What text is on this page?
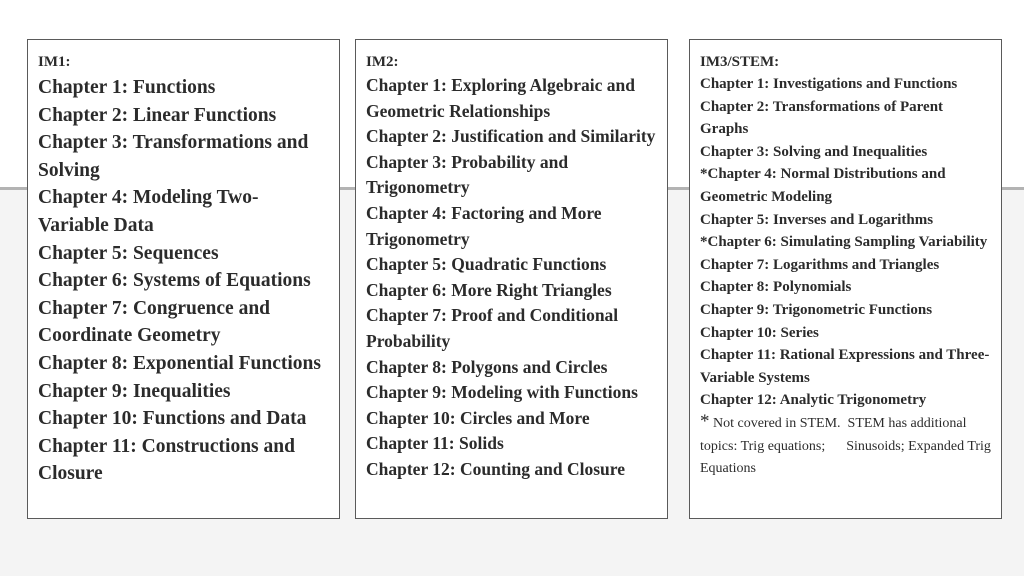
IM1:
Chapter 1: Functions
Chapter 2: Linear Functions
Chapter 3: Transformations and Solving
Chapter 4: Modeling Two-Variable Data
Chapter 5: Sequences
Chapter 6: Systems of Equations
Chapter 7: Congruence and Coordinate Geometry
Chapter 8: Exponential Functions
Chapter 9: Inequalities
Chapter 10: Functions and Data
Chapter 11: Constructions and Closure
IM2:
Chapter 1: Exploring Algebraic and Geometric Relationships
Chapter 2: Justification and Similarity
Chapter 3: Probability and Trigonometry
Chapter 4: Factoring and More Trigonometry
Chapter 5: Quadratic Functions
Chapter 6: More Right Triangles
Chapter 7: Proof and Conditional Probability
Chapter 8: Polygons and Circles
Chapter 9: Modeling with Functions
Chapter 10: Circles and More
Chapter 11: Solids
Chapter 12: Counting and Closure
IM3/STEM:
Chapter 1: Investigations and Functions
Chapter 2: Transformations of Parent Graphs
Chapter 3: Solving and Inequalities
*Chapter 4: Normal Distributions and Geometric Modeling
Chapter 5: Inverses and Logarithms
*Chapter 6: Simulating Sampling Variability
Chapter 7: Logarithms and Triangles
Chapter 8: Polynomials
Chapter 9: Trigonometric Functions
Chapter 10: Series
Chapter 11: Rational Expressions and Three-Variable Systems
Chapter 12: Analytic Trigonometry
* Not covered in STEM.  STEM has additional topics: Trig equations;      Sinusoids; Expanded Trig Equations
